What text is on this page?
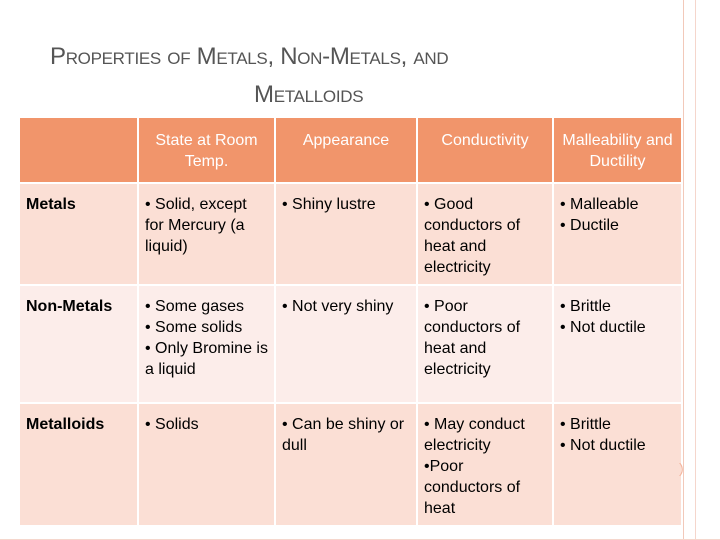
Properties of Metals, Non-Metals, and
Metalloids
	State at Room Temp.	Appearance	Conductivity	Malleability and Ductility
Metals	• Solid, except for Mercury (a liquid)	• Shiny lustre	• Good conductors of heat and electricity	• Malleable
• Ductile

Non-Metals	• Some gases
• Some solids
• Only Bromine is a liquid	• Not very shiny	• Poor conductors of heat and electricity	• Brittle
• Not ductile

Metalloids	• Solids	• Can be shiny or dull	• May conduct electricity
•Poor conductors of heat	• Brittle
• Not ductile
)
